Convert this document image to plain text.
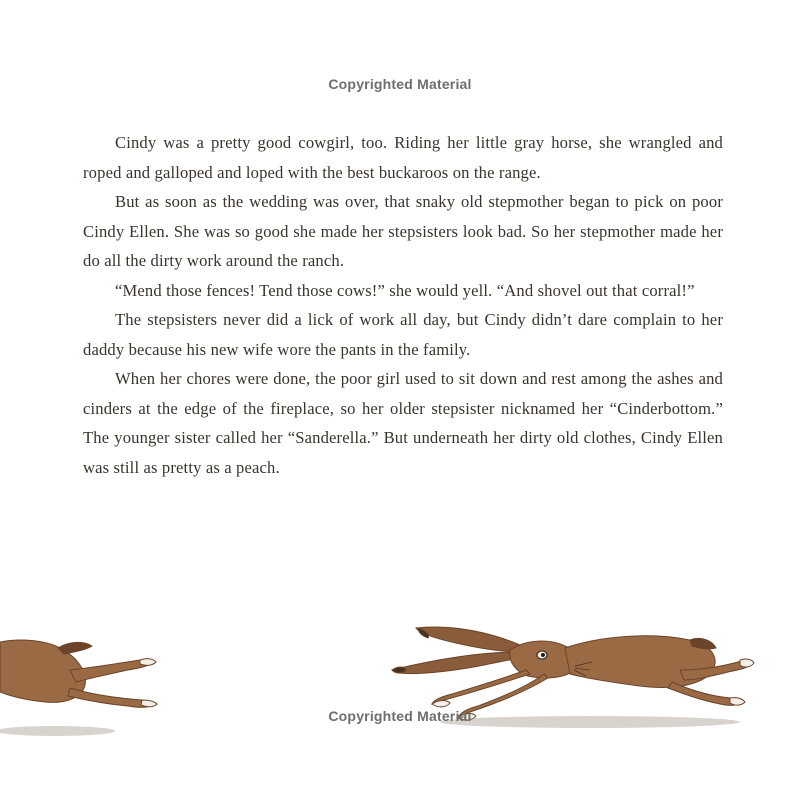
Copyrighted Material

Cindy was a pretty good cowgirl, too. Riding her little gray horse, she wrangled and roped and galloped and loped with the best buckaroos on the range.

But as soon as the wedding was over, that snaky old stepmother began to pick on poor Cindy Ellen. She was so good she made her stepsisters look bad. So her stepmother made her do all the dirty work around the ranch.

“Mend those fences! Tend those cows!” she would yell. “And shovel out that corral!”

The stepsisters never did a lick of work all day, but Cindy didn’t dare complain to her daddy because his new wife wore the pants in the family.

When her chores were done, the poor girl used to sit down and rest among the ashes and cinders at the edge of the fireplace, so her older stepsister nicknamed her “Cinderbottom.” The younger sister called her “Sanderella.” But underneath her dirty old clothes, Cindy Ellen was still as pretty as a peach.

Copyrighted Material
